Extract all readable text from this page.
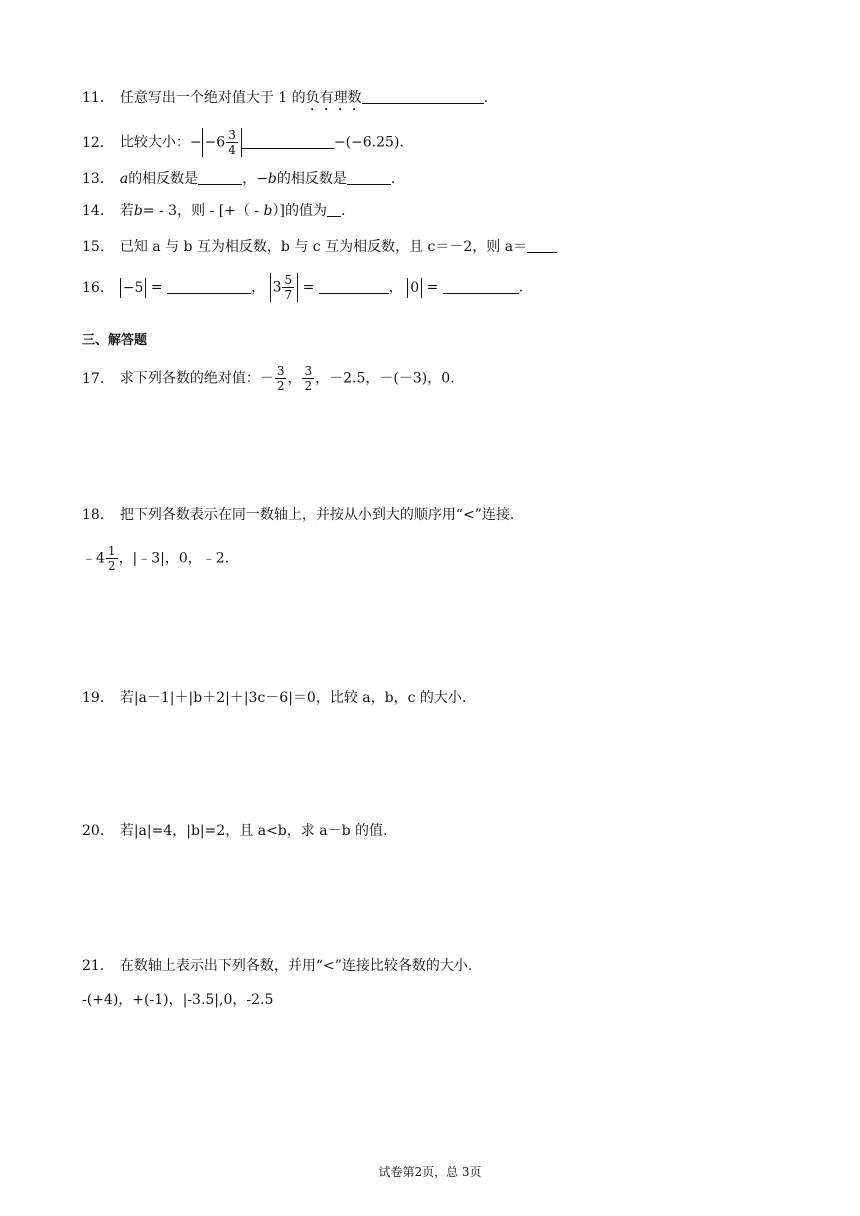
11． 任意写出一个绝对值大于 1 的负有理数	.
12． 比较大小：− $-6 \frac{3}{4}$	−(−6.25).
13． a的相反数是	，−b的相反数是	.
14． 若b= ‑ 3，则 ‑ [+（ ‑ b）]的值为 .
15． 已知 a 与 b 互为相反数，b 与 c 互为相反数，且 c＝－2，则 a＝
16． −5 =	， $3 \frac{5}{7}$ =	， 0 =	.
三、解答题
17． 求下列各数的绝对值：－ $\frac{3}{2}$ ， $\frac{3}{2}$ ，－2.5，－(－3)，0.
18． 把下列各数表示在同一数轴上，并按从小到大的顺序用“<”连接.
﹣4 $\frac{1}{2}$ ，|﹣3|，0，﹣2.
19． 若|a－1|＋|b＋2|＋|3c－6|＝0，比较 a，b，c 的大小.
20． 若|a|=4，|b|=2，且 a<b，求 a－b 的值.
21． 在数轴上表示出下列各数，并用“<”连接比较各数的大小.
-(+4)，+(-1)，|-3.5|,0，-2.5
试卷第2页，总 3页
